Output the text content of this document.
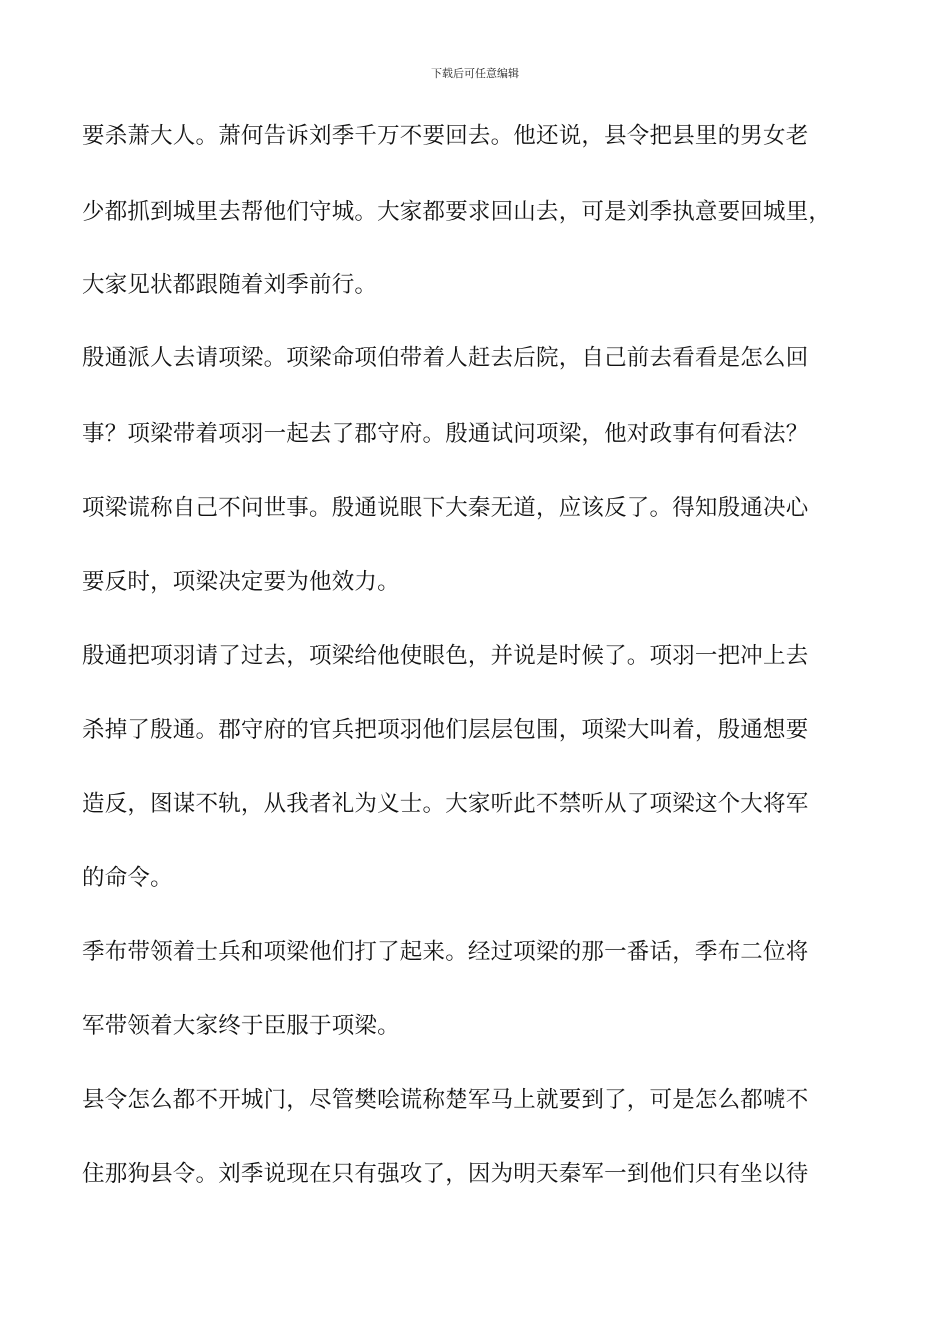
下载后可任意编辑
要杀萧大人。萧何告诉刘季千万不要回去。他还说，县令把县里的男女老
少都抓到城里去帮他们守城。大家都要求回山去，可是刘季执意要回城里，
大家见状都跟随着刘季前行。
殷通派人去请项梁。项梁命项伯带着人赶去后院，自己前去看看是怎么回
事？项梁带着项羽一起去了郡守府。殷通试问项梁，他对政事有何看法？
项梁谎称自己不问世事。殷通说眼下大秦无道，应该反了。得知殷通决心
要反时，项梁决定要为他效力。
殷通把项羽请了过去，项梁给他使眼色，并说是时候了。项羽一把冲上去
杀掉了殷通。郡守府的官兵把项羽他们层层包围，项梁大叫着，殷通想要
造反，图谋不轨，从我者礼为义士。大家听此不禁听从了项梁这个大将军
的命令。
季布带领着士兵和项梁他们打了起来。经过项梁的那一番话，季布二位将
军带领着大家终于臣服于项梁。
县令怎么都不开城门，尽管樊哙谎称楚军马上就要到了，可是怎么都唬不
住那狗县令。刘季说现在只有强攻了，因为明天秦军一到他们只有坐以待
